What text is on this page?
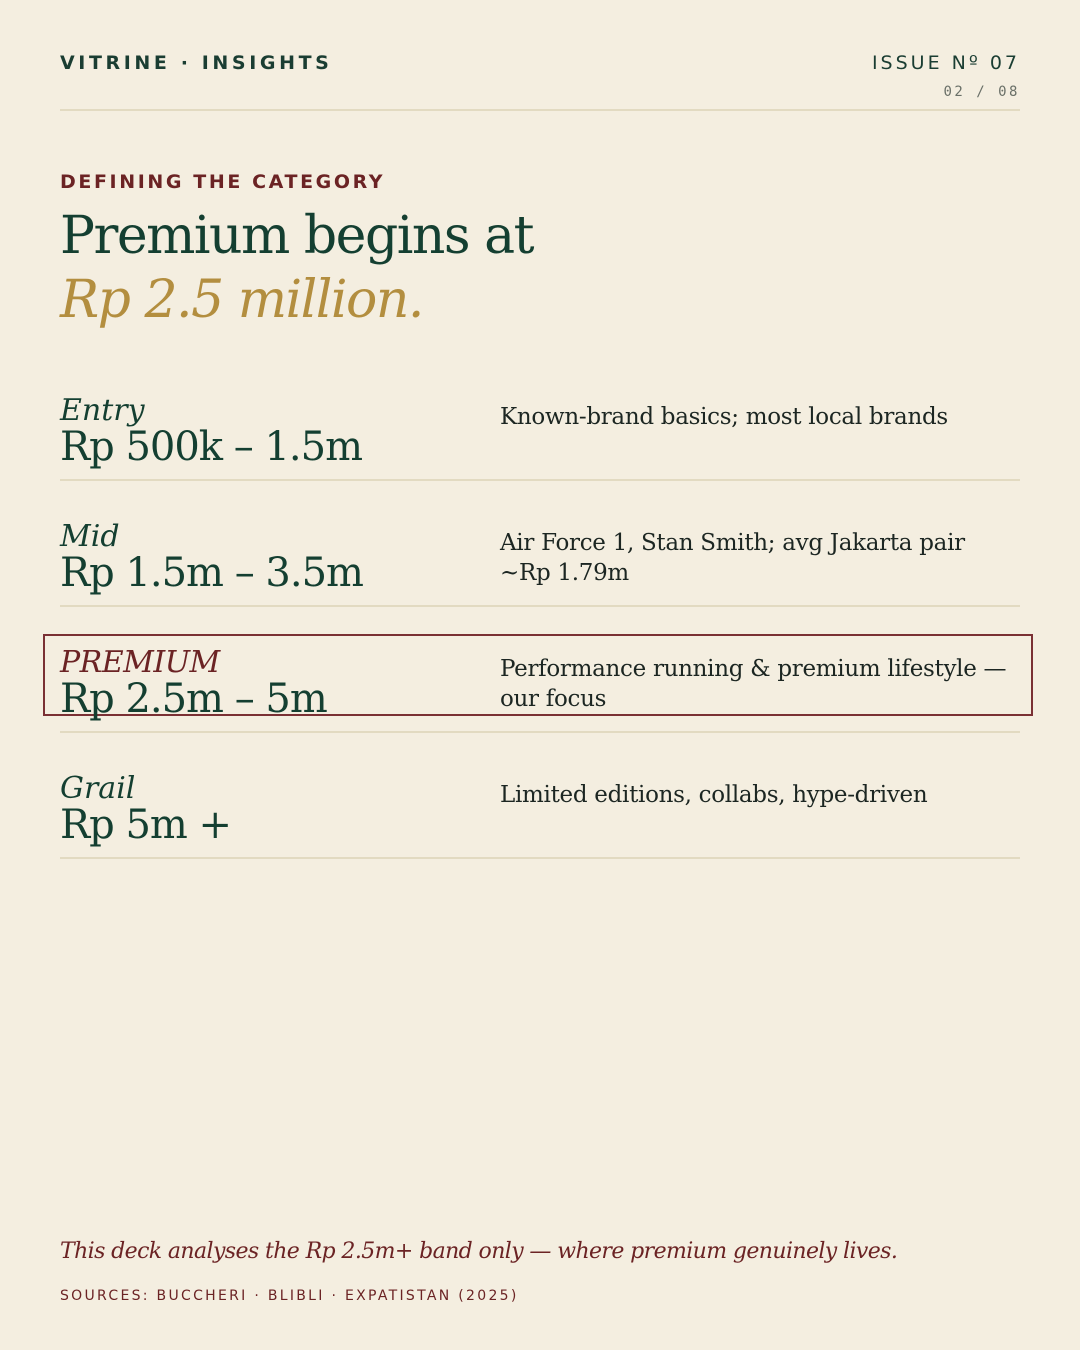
VITRINE · INSIGHTS	ISSUE Nº 07
02 / 08
DEFINING THE CATEGORY
Premium begins at
Rp 2.5 million.
Entry
Rp 500k – 1.5m
Known-brand basics; most local brands
Mid
Rp 1.5m – 3.5m
Air Force 1, Stan Smith; avg Jakarta pair ~Rp 1.79m
PREMIUM
Rp 2.5m – 5m
Performance running & premium lifestyle — our focus
Grail
Rp 5m +
Limited editions, collabs, hype-driven
This deck analyses the Rp 2.5m+ band only — where premium genuinely lives.
SOURCES: BUCCHERI · BLIBLI · EXPATISTAN (2025)
